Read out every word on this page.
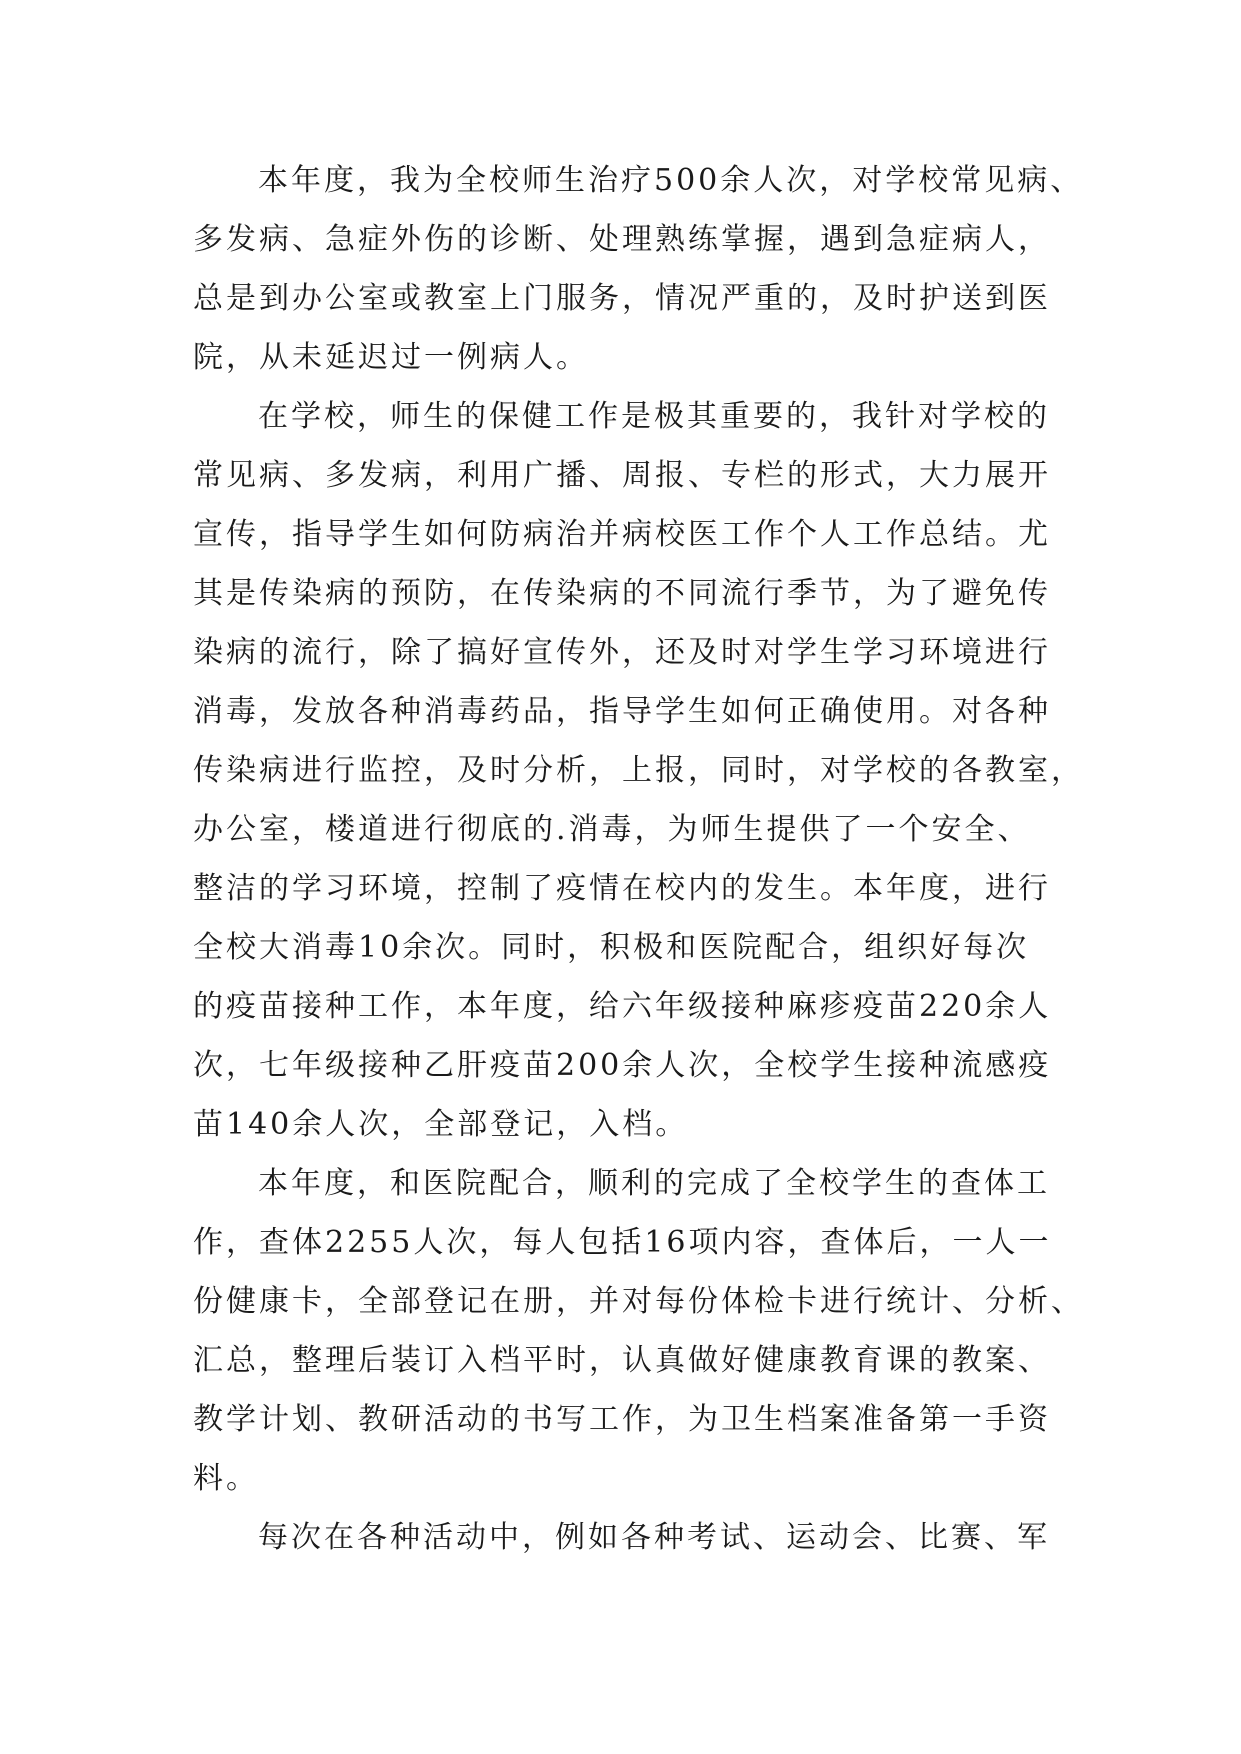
本年度，我为全校师生治疗500余人次，对学校常见病、
多发病、急症外伤的诊断、处理熟练掌握，遇到急症病人，
总是到办公室或教室上门服务，情况严重的，及时护送到医
院，从未延迟过一例病人。
在学校，师生的保健工作是极其重要的，我针对学校的
常见病、多发病，利用广播、周报、专栏的形式，大力展开
宣传，指导学生如何防病治并病校医工作个人工作总结。尤
其是传染病的预防，在传染病的不同流行季节，为了避免传
染病的流行，除了搞好宣传外，还及时对学生学习环境进行
消毒，发放各种消毒药品，指导学生如何正确使用。对各种
传染病进行监控，及时分析，上报，同时，对学校的各教室，
办公室，楼道进行彻底的.消毒，为师生提供了一个安全、
整洁的学习环境，控制了疫情在校内的发生。本年度，进行
全校大消毒10余次。同时，积极和医院配合，组织好每次
的疫苗接种工作，本年度，给六年级接种麻疹疫苗220余人
次，七年级接种乙肝疫苗200余人次，全校学生接种流感疫
苗140余人次，全部登记，入档。
本年度，和医院配合，顺利的完成了全校学生的查体工
作，查体2255人次，每人包括16项内容，查体后，一人一
份健康卡，全部登记在册，并对每份体检卡进行统计、分析、
汇总，整理后装订入档平时，认真做好健康教育课的教案、
教学计划、教研活动的书写工作，为卫生档案准备第一手资
料。
每次在各种活动中，例如各种考试、运动会、比赛、军
